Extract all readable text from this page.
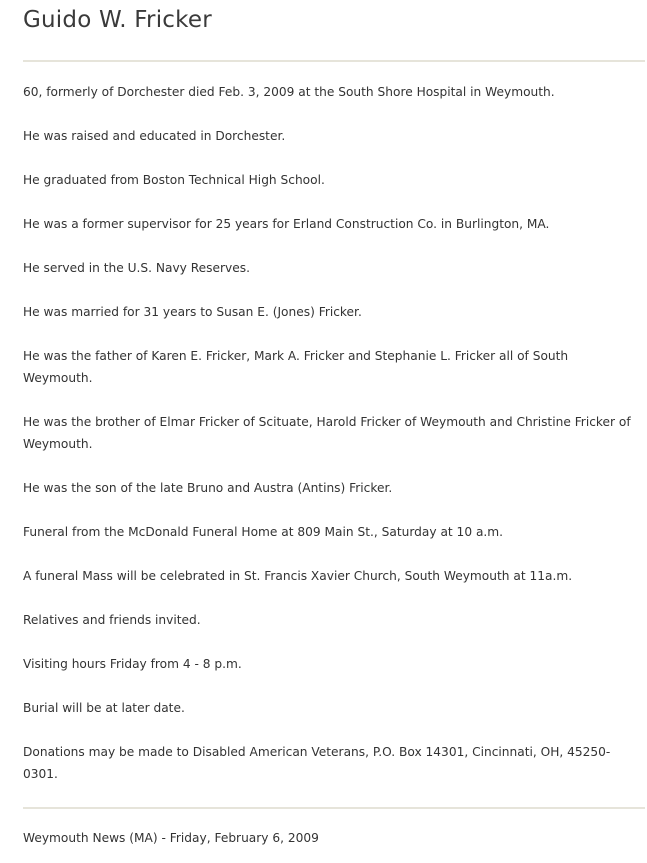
Guido W. Fricker

60, formerly of Dorchester died Feb. 3, 2009 at the South Shore Hospital in Weymouth.

He was raised and educated in Dorchester.

He graduated from Boston Technical High School.

He was a former supervisor for 25 years for Erland Construction Co. in Burlington, MA.

He served in the U.S. Navy Reserves.

He was married for 31 years to Susan E. (Jones) Fricker.

He was the father of Karen E. Fricker, Mark A. Fricker and Stephanie L. Fricker all of South Weymouth.

He was the brother of Elmar Fricker of Scituate, Harold Fricker of Weymouth and Christine Fricker of Weymouth.

He was the son of the late Bruno and Austra (Antins) Fricker.

Funeral from the McDonald Funeral Home at 809 Main St., Saturday at 10 a.m.

A funeral Mass will be celebrated in St. Francis Xavier Church, South Weymouth at 11a.m.

Relatives and friends invited.

Visiting hours Friday from 4 - 8 p.m.

Burial will be at later date.

Donations may be made to Disabled American Veterans, P.O. Box 14301, Cincinnati, OH, 45250-0301.

Weymouth News (MA) - Friday, February 6, 2009
